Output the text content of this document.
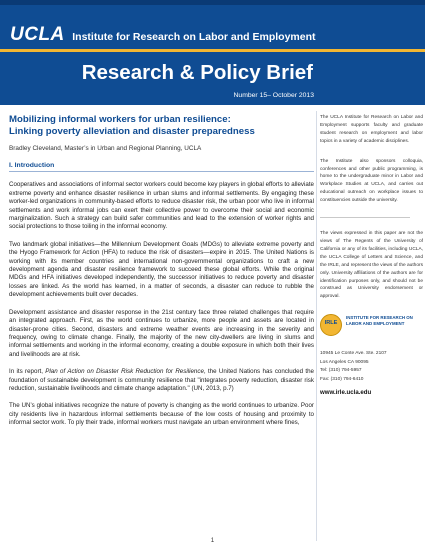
UCLA Institute for Research on Labor and Employment
Research & Policy Brief
Number 15– October 2013
Mobilizing informal workers for urban resilience:
Linking poverty alleviation and disaster preparedness
Bradley Cleveland, Master’s in Urban and Regional Planning, UCLA
I. Introduction

Cooperatives and associations of informal sector workers could become key players in global efforts to alleviate extreme poverty and enhance disaster resilience in urban slums and informal settlements. By engaging these worker-led organizations in community-based efforts to reduce disaster risk, the urban poor who live in informal settlements and work informal jobs can exert their collective power to overcome their social and economic marginalization. Such a strategy can build safer communities and lead to the extension of worker rights and social protections to those toiling in the informal economy.

Two landmark global initiatives—the Millennium Development Goals (MDGs) to alleviate extreme poverty and the Hyogo Framework for Action (HFA) to reduce the risk of disasters—expire in 2015. The United Nations is working with its member countries and international non-governmental organizations to craft a new development agenda and disaster resilience framework to succeed these global efforts. While the original MDGs and HFA initiatives developed independently, the successor initiatives to reduce poverty and disaster losses are linked. As the world has learned, in a matter of seconds, a disaster can reduce to rubble the development achievements built over decades.

Development assistance and disaster response in the 21st century face three related challenges that require an integrated approach. First, as the world continues to urbanize, more people and assets are located in disaster-prone cities. Second, disasters and extreme weather events are increasing in the severity and frequency, owing to climate change. Finally, the majority of the new city-dwellers are living in slums and informal settlements and working in the informal economy, creating a double exposure in which both their lives and livelihoods are at risk.

In its report, Plan of Action on Disaster Risk Reduction for Resilience, the United Nations has concluded the foundation of sustainable development is community resilience that "integrates poverty reduction, disaster risk reduction, sustainable livelihoods and climate change adaptation." (UN, 2013, p.7)

The UN’s global initiatives recognize the nature of poverty is changing as the world continues to urbanize. Poor city residents live in hazardous informal settlements because of the low costs of housing and proximity to informal sector work. To ply their trade, informal workers must navigate an urban environment where fines,

The UCLA Institute for Research on Labor and Employment supports faculty and graduate student research on employment and labor topics in a variety of academic disciplines.
The Institute also sponsors colloquia, conferences and other public programming, is home to the undergraduate minor in Labor and Workplace Studies at UCLA, and carries out educational outreach on workplace issues to constituencies outside the university.
The views expressed in this paper are not the views of The Regents of the University of California or any of its facilities, including UCLA, the UCLA College of Letters and Science, and the IRLE, and represent the views of the authors only. University affiliations of the authors are for identification purposes only, and should not be construed as University endorsement or approval.
IRLE
INSTITUTE FOR RESEARCH ON LABOR AND EMPLOYMENT
10945 Le Conte Ave. Ste. 2107
Los Angeles CA 90095
Tel: (310) 794-5957
Fax: (310) 794-6410
www.irle.ucla.edu
1
